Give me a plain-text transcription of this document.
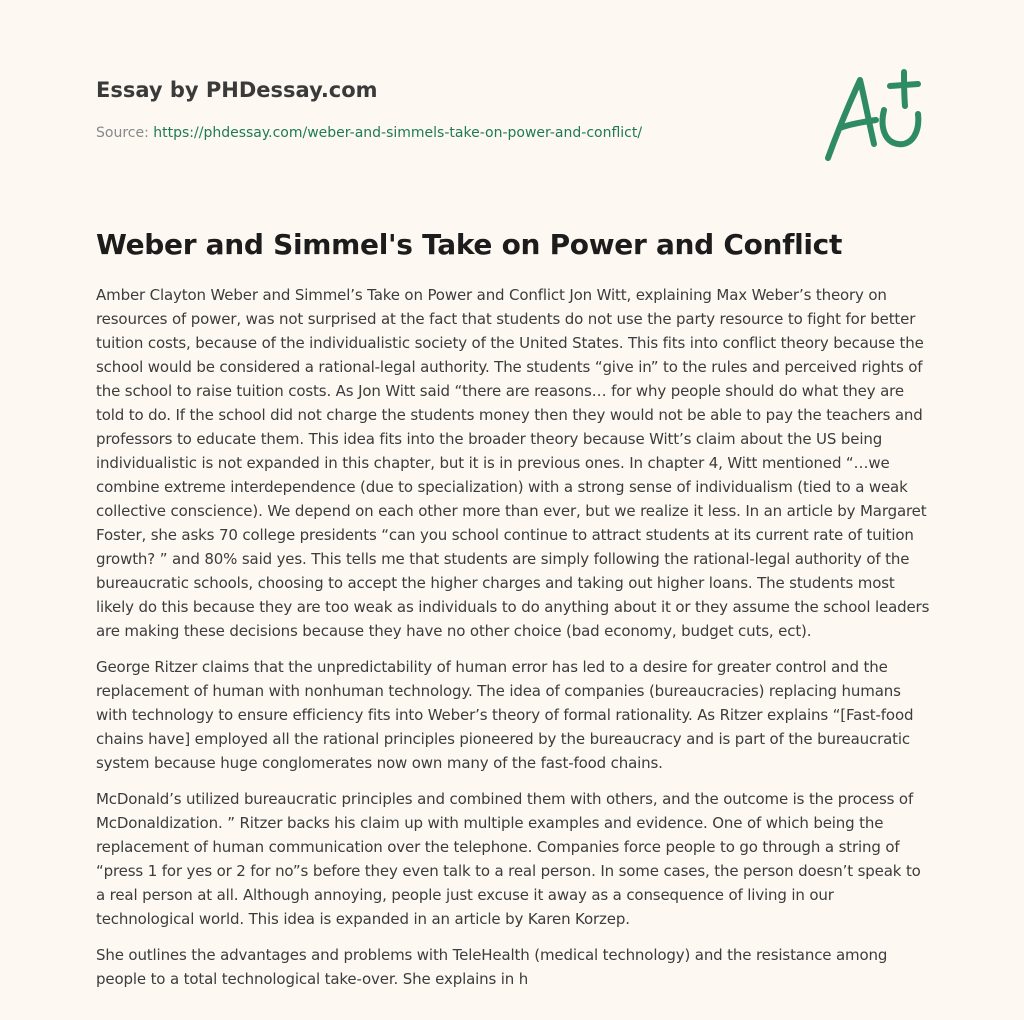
Essay by PHDessay.com
Source: https://phdessay.com/weber-and-simmels-take-on-power-and-conflict/
Weber and Simmel's Take on Power and Conflict

Amber Clayton Weber and Simmel’s Take on Power and Conflict Jon Witt, explaining Max Weber’s theory on resources of power, was not surprised at the fact that students do not use the party resource to fight for better tuition costs, because of the individualistic society of the United States. This fits into conflict theory because the school would be considered a rational-legal authority. The students “give in” to the rules and perceived rights of the school to raise tuition costs. As Jon Witt said “there are reasons… for why people should do what they are told to do. If the school did not charge the students money then they would not be able to pay the teachers and professors to educate them. This idea fits into the broader theory because Witt’s claim about the US being individualistic is not expanded in this chapter, but it is in previous ones. In chapter 4, Witt mentioned “…we combine extreme interdependence (due to specialization) with a strong sense of individualism (tied to a weak collective conscience). We depend on each other more than ever, but we realize it less. In an article by Margaret Foster, she asks 70 college presidents “can you school continue to attract students at its current rate of tuition growth? ” and 80% said yes. This tells me that students are simply following the rational-legal authority of the bureaucratic schools, choosing to accept the higher charges and taking out higher loans. The students most likely do this because they are too weak as individuals to do anything about it or they assume the school leaders are making these decisions because they have no other choice (bad economy, budget cuts, ect).

George Ritzer claims that the unpredictability of human error has led to a desire for greater control and the replacement of human with nonhuman technology. The idea of companies (bureaucracies) replacing humans with technology to ensure efficiency fits into Weber’s theory of formal rationality. As Ritzer explains “[Fast-food chains have] employed all the rational principles pioneered by the bureaucracy and is part of the bureaucratic system because huge conglomerates now own many of the fast-food chains.

McDonald’s utilized bureaucratic principles and combined them with others, and the outcome is the process of McDonaldization. ” Ritzer backs his claim up with multiple examples and evidence. One of which being the replacement of human communication over the telephone. Companies force people to go through a string of “press 1 for yes or 2 for no”s before they even talk to a real person. In some cases, the person doesn’t speak to a real person at all. Although annoying, people just excuse it away as a consequence of living in our technological world. This idea is expanded in an article by Karen Korzep.

She outlines the advantages and problems with TeleHealth (medical technology) and the resistance among people to a total technological take-over. She explains in h
